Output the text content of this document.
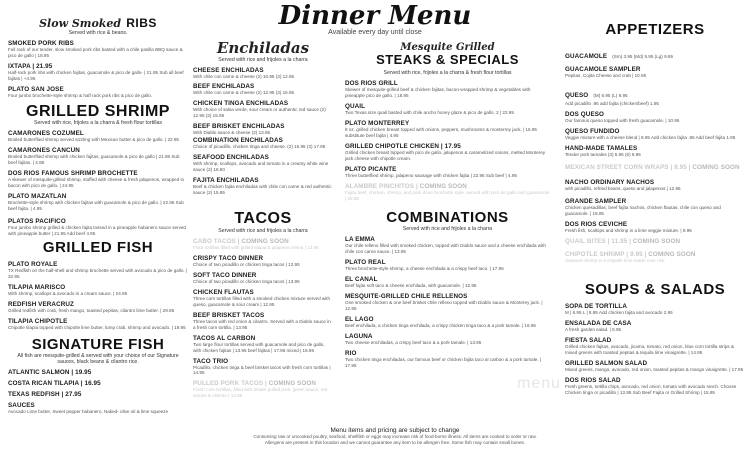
Dinner Menu
Available every day until close
Slow Smoked RIBS
Served with rice & beans.
SMOKED PORK RIBS
Full rack of our tender, slow smoked pork ribs basted with a chile pasilla BBQ sauce & pico de gallo | 18.95
IXTAPA | 21.95
Half-rack pork ribs with chicken fajitas, guacamole & pico de gallo- | 21.95 Sub all beef fajitas | +4.95
PLATO SAN JOSE
Four jumbo brochette-style shrimp & half rack pork ribs & pico de gallo.
GRILLED SHRIMP
Served with rice, frijoles a la charra & fresh flour tortillas
CAMARONES COZUMEL
Broiled butterflied shrimp served sizzling with Mexican butter & pico de gallo. | 22.95
CAMARONES CANCUN
Broiled butterflied shrimp with chicken fajitas, guacamole & pico de gallo | 21.95 Sub beef fajitas. | 4.95
DOS RIOS FAMOUS SHRIMP BROCHETTE
A skewer of mesquite-grilled shrimp, stuffed with cheese & fresh jalapenos, wrapped in bacon with pico de gallo. | 24.95
PLATO MAZATLAN
Brochette-style shrimp with chicken fajitas with guacamole & pico de gallo. | 22.95 Sub beef fajita. | 4.95
PLATOS PACIFICO
Four jumbo shrimp grilled & chicken fajita tossed in a pineapple habanero sauce served with pineapple butter | 21.95 Add beef 4.95
GRILLED FISH
PLATO ROYALE
TX Redfish on the half-shell and shrimp brochette served with avocado & pico de gallo. | 32.95
TILAPIA MARISCO
With shrimp, scallops & avocado in a cream sauce. | 24.95
REDFISH VERACRUZ
Grilled redfish with crab, fresh mango, toasted pepitas, cilantro lime butter. | 29.95
TILAPIA CHIPOTLE
Chipotle tilapia topped with chipotle lime butter, lump crab, shrimp and avocado. | 19.95
SIGNATURE FISH
All fish are mesquite-grilled & served with your choice of our Signature sauces, black beans & cilantro rice.
ATLANTIC SALMON | 19.95
COSTA RICAN TILAPIA | 16.95
TEXAS REDFISH | 27.95
SAUCES
Avocado Lime butter, Sweet pepper habanero, Naked- olive oil & lime squeeze
Enchiladas
Served with rice and frijoles a la charra
CHEESE ENCHILADAS
With chile con carne & cheese (2) 10.95 (3) 12.95
BEEF ENCHILADAS
With chile con carne & cheese (2) 12.95 (3) 15.95
CHICKEN TINGA ENCHILADAS
With choice of salsa verde, sour cream or authentic red sauce (2) 12.95 (3) 15.95
BEEF BRISKET ENCHILADAS
With Diablo sauce & cheese (2) 13.95
COMBINATION ENCHILADAS
Choice of picadillo, chicken tinga and cheese. (2) 15.95 (3) 17.95
SEAFOOD ENCHILADAS
With shrimp, scallops, avocado and tomato in a creamy white wine sauce (2) 16.50
FAJITA ENCHILADAS
Beef & chicken fajita enchiladas with chile con carne & red authentic sauce (2) 15.95
TACOS
Served with rice and frijoles a la charra
CABO TACOS | COMING SOON
Flour tortillas filled with grilled tilapia & jalapeno crema | 13.95
CRISPY TACO DINNER
Choice of two picadillo or chicken tinga tacos | 12.95
SOFT TACO DINNER
Choice of two picadillo or chicken tinga tacos | 13.95
CHICKEN FLAUTAS
Three corn tortillas filled with a smoked chicken mixture served with queso, guacamole & sour cream | 12.95
BEEF BRISKET TACOS
Three tacos with red onion & cilantro. Served with a Diablo sauce in a fresh corn tortilla. | 13.95
TACOS AL CARBON
Two large flour tortillas served with guacamole and pico de gallo, with chicken fajitas | 13.95 beef fajitas | 17.95 mixed | 15.95
TACO TRIO
Picadillo, chicken tinga & beef brisket tacos with fresh corn tortillas | 14.95
PULLED PORK TACOS | COMING SOON
Fresh corn tortillas, filled with tender pulled pork, green sauce, red onions & cilantro | 13.95
Mesquite Grilled
STEAKS & SPECIALS
Served with rice, frijoles a la charra & fresh flour tortillas
DOS RIOS GRILL
Skewer of mesquite-grilled beef & chicken fajitas, bacon-wrapped shrimp & vegetables with pineapple pico de gallo. | 18.95
QUAIL
Two Texas size quail basted with chile ancho honey glaze & pico de gallo. 2 | 22.95
PLATO MONTERREY
8 oz. grilled chicken breast topped with onions, peppers, mushrooms & monterrey jack. | 16.95 substitute beef fajita | 4.95
GRILLED CHIPOTLE CHICKEN | 17.95
Grilled chicken breast topped with pico de gallo, jalapenos & caramelized onions, melted Monterey jack cheese with chipotle cream.
PLATO PICANTE
Three butterflied shrimp, jalapeno sausage with chicken fajita | 22.95 Sub beef | 4.95
ALAMBRE PINCHITOS | COMING SOON
Fajita beef, chicken, shrimp, and pork done brochette style, served with pico de gallo and guacamole | 28.95
COMBINATIONS
Served with rice and frijoles a la charra
LA EMMA
Our chile relleno filled with smoked chicken, topped with Diablo sauce and a cheese enchilada with chile con carne sauce. | 13.95
PLATO REAL
Three brochette-style shrimp, a cheese enchilada & a crispy beef taco. | 17.95
EL CANAL
Beef fajita soft taco & cheese enchilada, with guacamole. | 12.95
MESQUITE-GRILLED CHILE RELLENOS
One smoked chicken & one beef brisket chile relleno topped with Diablo sauce & Monterey jack. | 12.95
EL LAGO
Beef enchilada, a chicken tinga enchilada, a crispy chicken tinga taco & a pork tamale. | 16.95
LAGUNA
Two cheese enchiladas, a crispy beef taco & a pork tamale. | 13.95
RIO
Two chicken tinga enchiladas, our famous beef or chicken fajita taco al carbon & a pork tamale. | 17.95
APPETIZERS
GUACAMOLE (Sm) 3.95 (Md) 5.95 (Lg) 9.95
GUACAMOLE SAMPLER
Pepitas, Cojita Cheese and crab | 10.95
QUESO (M) 6.95 (L) 8.95
Add picadillo .95 add fajita (chicken/beef) 1.95
DOS QUESO
Our famous queso topped with fresh guacamole. | 10.95
QUESO FUNDIDO
Veggie mixture with a cheese blend | 8.95 Add chicken fajita .95 Add beef fajita 1.95
HAND-MADE TAMALES
Tender pork tamales (3) 5.95 (6) 8.95
MEXICAN STREET CORN WRAPS | 9.95 | COMING SOON
NACHO ORDINARY NACHOS
with picadillo, refried beans, queso and jalapenos | 12.95
GRANDE SAMPLER
Chicken quesadillas, beef fajita nachos, chicken flautas, chile con queso and guacamole. | 19.95
DOS RIOS CEVICHE
Fresh fish, scallops and shrimp in a lime veggie mixture. | 9.95
QUAIL BITES | 11.95 | COMING SOON
CHIPOTLE SHRIMP | 9.95 | COMING SOON
Sauteed shrimp in a chipotle lime butter over rice
SOUPS & SALADS
SOPA DE TORTILLA
M | 6.95 L | 8.95 Add chicken fajita and avocado 2.95
ENSALADA DE CASA
A fresh garden salad. | 5.95
FIESTA SALAD
Grilled chicken fajitas, avocado, jicama, tomato, red onion, blue corn tortilla strips & mixed greens with toasted pepitas & tequila lime vinaigrette. | 14.95
GRILLED SALMON SALAD
Mixed greens, mango, avocado, red onion, toasted pepitas & mango vinaigrette. | 17.95
DOS RIOS SALAD
Fresh greens, tortilla chips, avocado, red onion, tomato with avocado ranch. Choose Chicken tinga or picadillo | 13.95 Sub Beef Fajita or Grilled Shrimp | 15.95
menu
Menu items and pricing are subject to change
Consuming raw or uncooked poultry, seafood, shellfish or eggs may increase risk of food-borne illness. All items are cooked to order or raw.
Allergens are present in this location and we cannot guarantee any item to be allergen free. Some fish may contain small bones.
